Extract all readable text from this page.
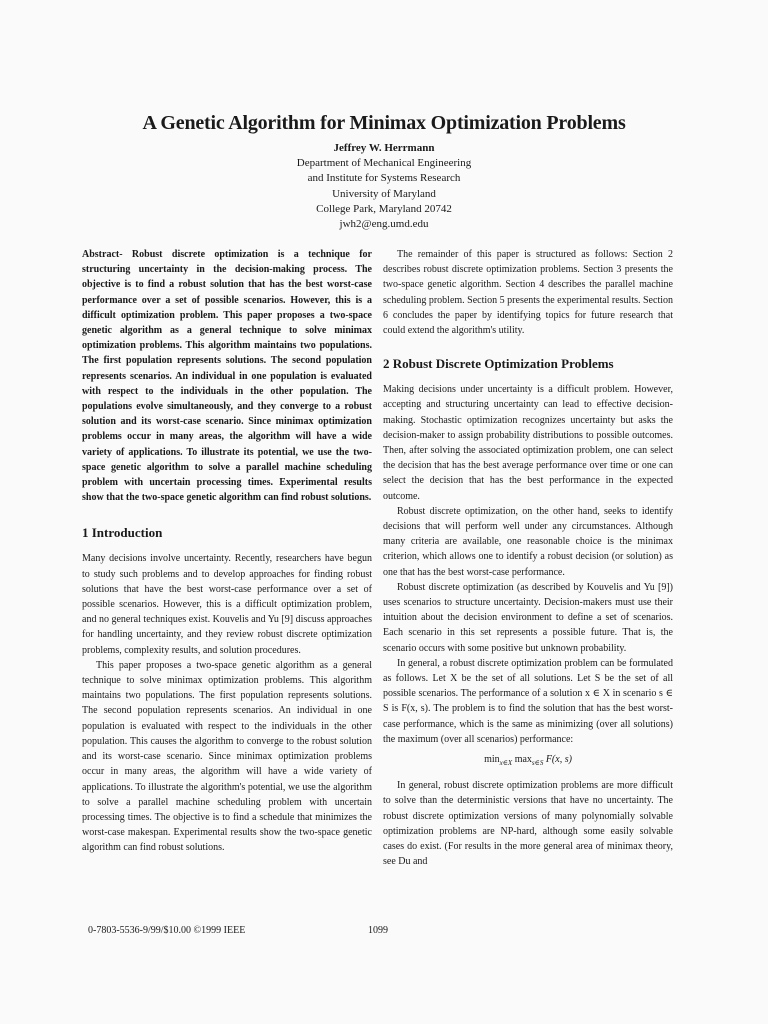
A Genetic Algorithm for Minimax Optimization Problems
Jeffrey W. Herrmann
Department of Mechanical Engineering
and Institute for Systems Research
University of Maryland
College Park, Maryland 20742
jwh2@eng.umd.edu

Abstract- Robust discrete optimization is a technique for structuring uncertainty in the decision-making process. The objective is to find a robust solution that has the best worst-case performance over a set of possible scenarios. However, this is a difficult optimization problem. This paper proposes a two-space genetic algorithm as a general technique to solve minimax optimization problems. This algorithm maintains two populations. The first population represents solutions. The second population represents scenarios. An individual in one population is evaluated with respect to the individuals in the other population. The populations evolve simultaneously, and they converge to a robust solution and its worst-case scenario. Since minimax optimization problems occur in many areas, the algorithm will have a wide variety of applications. To illustrate its potential, we use the two-space genetic algorithm to solve a parallel machine scheduling problem with uncertain processing times. Experimental results show that the two-space genetic algorithm can find robust solutions.

1 Introduction

Many decisions involve uncertainty. Recently, researchers have begun to study such problems and to develop approaches for finding robust solutions that have the best worst-case performance over a set of possible scenarios. However, this is a difficult optimization problem, and no general techniques exist. Kouvelis and Yu [9] discuss approaches for handling uncertainty, and they review robust discrete optimization problems, complexity results, and solution procedures.

This paper proposes a two-space genetic algorithm as a general technique to solve minimax optimization problems. This algorithm maintains two populations. The first population represents solutions. The second population represents scenarios. An individual in one population is evaluated with respect to the individuals in the other population. This causes the algorithm to converge to the robust solution and its worst-case scenario. Since minimax optimization problems occur in many areas, the algorithm will have a wide variety of applications. To illustrate the algorithm's potential, we use the algorithm to solve a parallel machine scheduling problem with uncertain processing times. The objective is to find a schedule that minimizes the worst-case makespan. Experimental results show the two-space genetic algorithm can find robust solutions.

The remainder of this paper is structured as follows: Section 2 describes robust discrete optimization problems. Section 3 presents the two-space genetic algorithm. Section 4 describes the parallel machine scheduling problem. Section 5 presents the experimental results. Section 6 concludes the paper by identifying topics for future research that could extend the algorithm's utility.

2 Robust Discrete Optimization Problems

Making decisions under uncertainty is a difficult problem. However, accepting and structuring uncertainty can lead to effective decision-making. Stochastic optimization recognizes uncertainty but asks the decision-maker to assign probability distributions to possible outcomes. Then, after solving the associated optimization problem, one can select the decision that has the best average performance over time or one can select the decision that has the best performance in the expected outcome.

Robust discrete optimization, on the other hand, seeks to identify decisions that will perform well under any circumstances. Although many criteria are available, one reasonable choice is the minimax criterion, which allows one to identify a robust decision (or solution) as one that has the best worst-case performance.

Robust discrete optimization (as described by Kouvelis and Yu [9]) uses scenarios to structure uncertainty. Decision-makers must use their intuition about the decision environment to define a set of scenarios. Each scenario in this set represents a possible future. That is, the scenario occurs with some positive but unknown probability.

In general, a robust discrete optimization problem can be formulated as follows. Let X be the set of all solutions. Let S be the set of all possible scenarios. The performance of a solution x ∈ X in scenario s ∈ S is F(x, s). The problem is to find the solution that has the best worst-case performance, which is the same as minimizing (over all solutions) the maximum (over all scenarios) performance:

$\min_{x\in X} \max_{s\in S} F(x$, s)

In general, robust discrete optimization problems are more difficult to solve than the deterministic versions that have no uncertainty. The robust discrete optimization versions of many polynomially solvable optimization problems are NP-hard, although some easily solvable cases do exist. (For results in the more general area of minimax theory, see Du and

0-7803-5536-9/99/$10.00 ©1999 IEEE	1099
